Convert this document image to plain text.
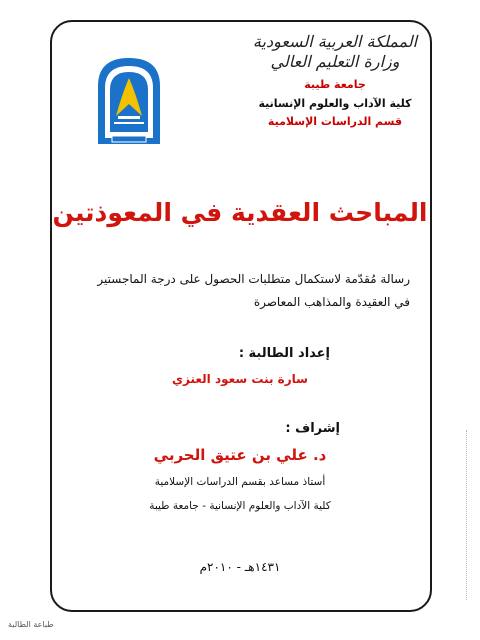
المملكة العربية السعودية
وزارة التعليم العالي
جامعة طيبة
كلية الآداب والعلوم الإنسانية
قسم الدراسات الإسلامية
المباحث العقدية في المعوذتين
رسالة مُقدّمة لاستكمال متطلبات الحصول على درجة الماجستير
في العقيدة والمذاهب المعاصرة
إعداد الطالبة :
سارة بنت سعود العنزي
إشراف :
د. علي بن عتيق الحربي
أستاذ مساعد بقسم الدراسات الإسلامية
كلية الآداب والعلوم الإنسانية - جامعة طيبة
١٤٣١هـ - ٢٠١٠م
طباعة الطالبة
